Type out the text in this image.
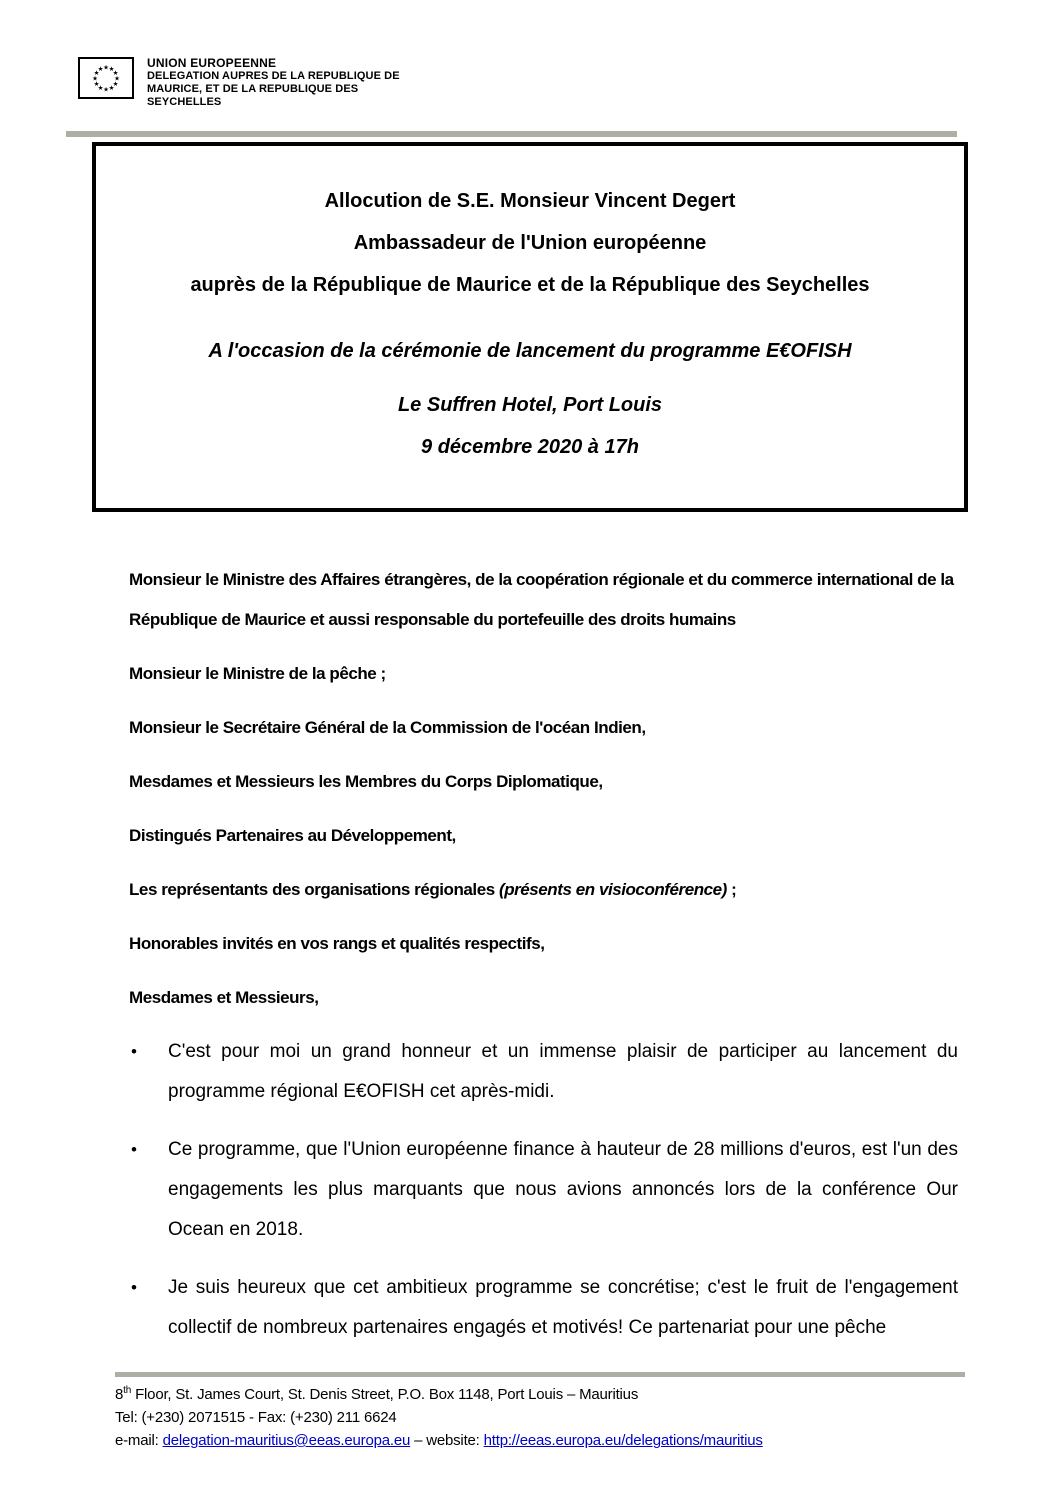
★ ★
★
★
★
★
★
★
★
★
★
★	UNION EUROPEENNE
DELEGATION AUPRES DE LA REPUBLIQUE DE
MAURICE, ET DE LA REPUBLIQUE DES
SEYCHELLES

Allocution de S.E. Monsieur Vincent Degert

Ambassadeur de l'Union européenne

auprès de la République de Maurice et de la République des Seychelles

A l'occasion de la cérémonie de lancement du programme E€OFISH

Le Suffren Hotel, Port Louis

9 décembre 2020 à 17h

Monsieur le Ministre des Affaires étrangères, de la coopération régionale et du commerce international de la République de Maurice et aussi responsable du portefeuille des droits humains

Monsieur le Ministre de la pêche ;

Monsieur le Secrétaire Général de la Commission de l'océan Indien,

Mesdames et Messieurs les Membres du Corps Diplomatique,

Distingués Partenaires au Développement,

Les représentants des organisations régionales (présents en visioconférence) ;

Honorables invités en vos rangs et qualités respectifs,

Mesdames et Messieurs,

•	C'est pour moi un grand honneur et un immense plaisir de participer au lancement du programme régional E€OFISH cet après-midi.

•	Ce programme, que l'Union européenne finance à hauteur de 28 millions d'euros, est l'un des engagements les plus marquants que nous avions annoncés lors de la conférence Our Ocean en 2018.

•	Je suis heureux que cet ambitieux programme se concrétise; c'est le fruit de l'engagement collectif de nombreux partenaires engagés et motivés! Ce partenariat pour une pêche

8th Floor, St. James Court, St. Denis Street, P.O. Box 1148, Port Louis – Mauritius

Tel: (+230) 2071515 - Fax: (+230) 211 6624

e-mail: delegation-mauritius@eeas.europa.eu – website: http://eeas.europa.eu/delegations/mauritius
